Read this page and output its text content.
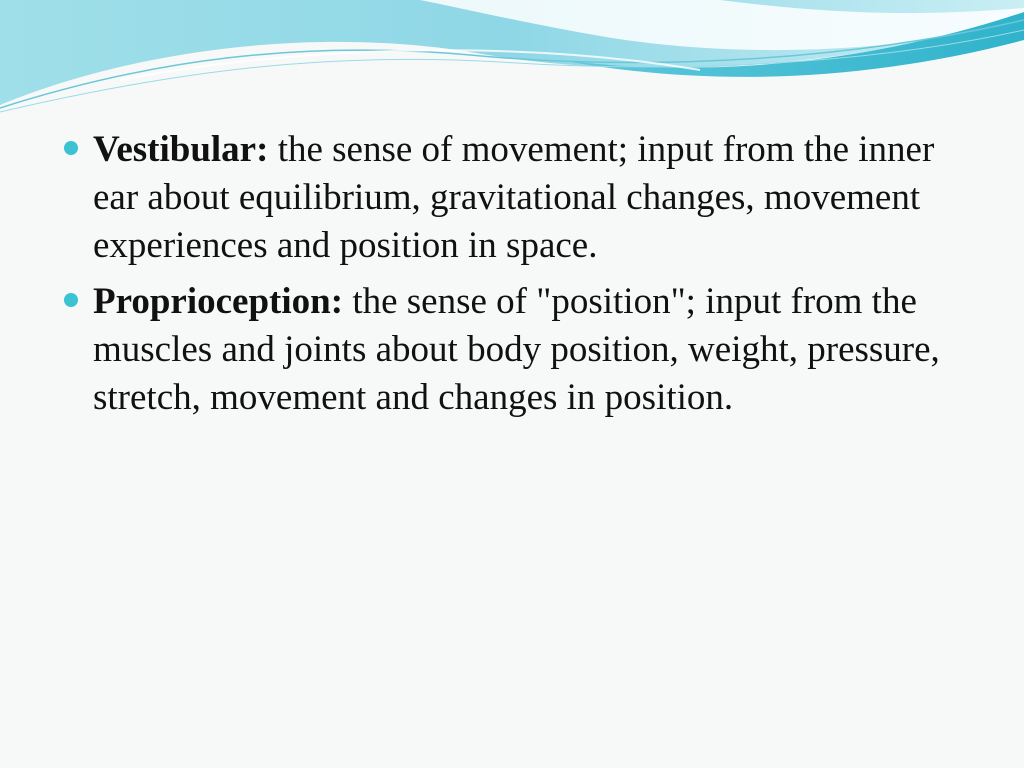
Vestibular: the sense of movement; input from the inner ear about equilibrium, gravitational changes, movement experiences and position in space.
Proprioception: the sense of "position"; input from the muscles and joints about body position, weight, pressure, stretch, movement and changes in position.
